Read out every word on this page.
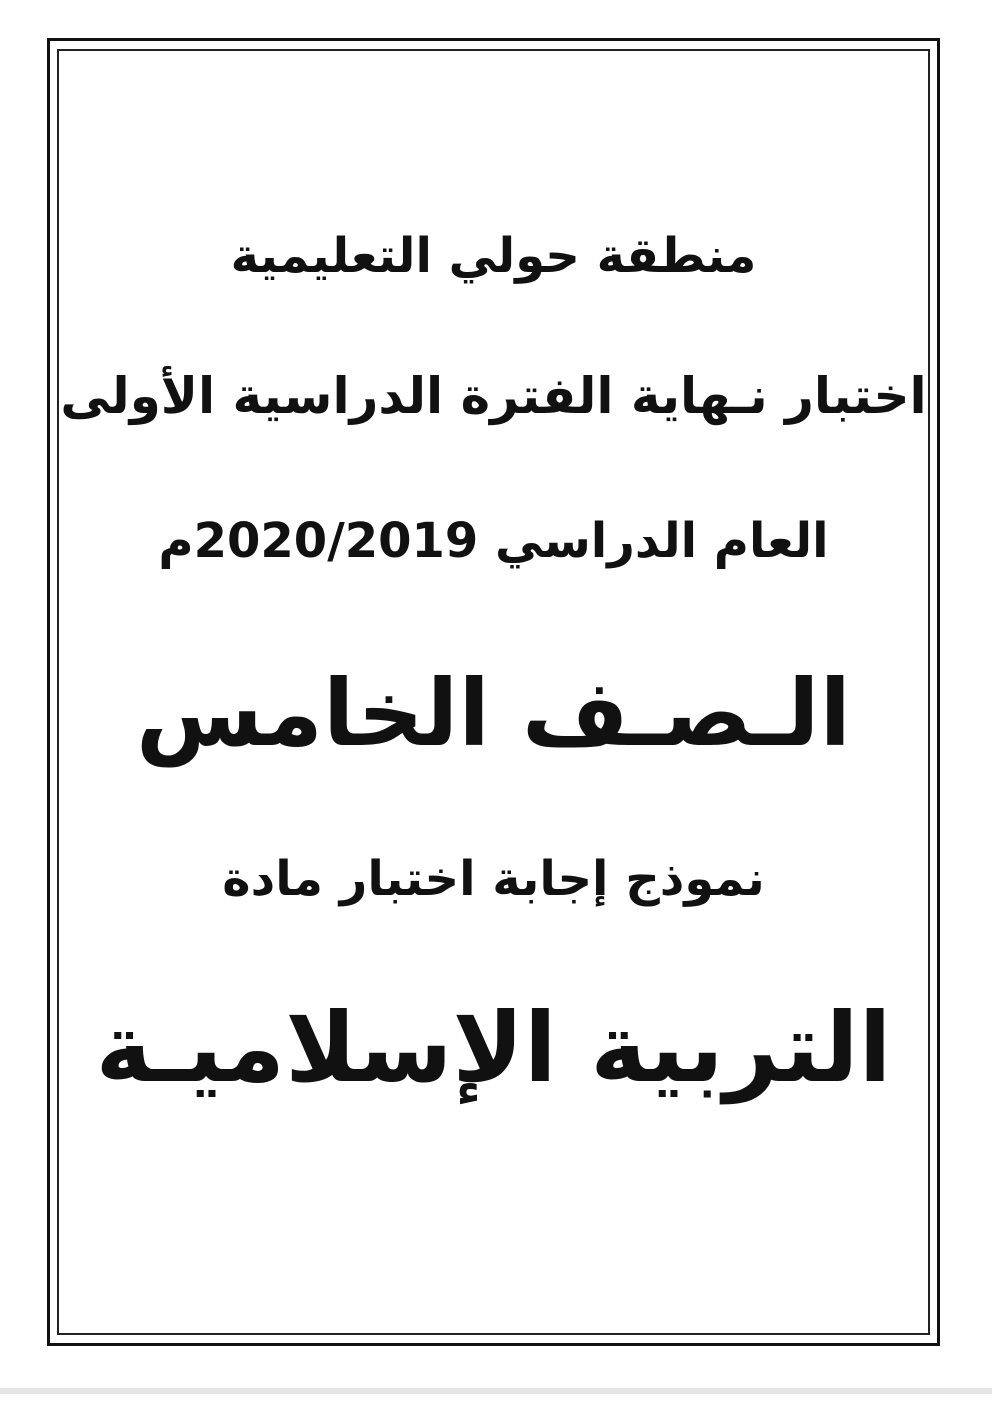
منطقة حولي التعليمية
اختبار نـهاية الفترة الدراسية الأولى
العام الدراسي 2020/2019م
الـصـف الخامس
نموذج إجابة اختبار مادة
التربية الإسلاميـة
